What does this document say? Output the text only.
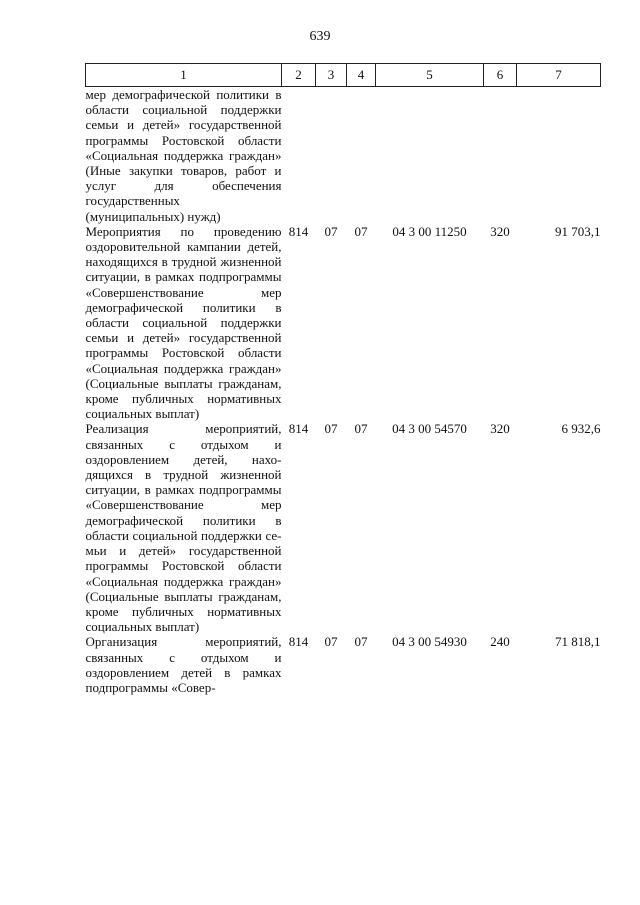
639
1	2	3	4	5	6	7
мер демографической политики в области социальной поддержки семьи и детей» государственной программы Ростовской области «Социальная поддержка граждан» (Иные закупки товаров, работ и услуг для обеспечения государственных (муниципальных) нужд)						
Мероприятия по проведению оздоровительной кампании детей, находящихся в трудной жизненной ситуации, в рамках подпрограммы «Совершенствование мер демографической политики в области социальной поддержки семьи и детей» государственной программы Ростовской области «Социальная поддержка граждан» (Социальные выплаты гражданам, кроме публичных нормативных социальных выплат)	814	07	07	04 3 00 11250	320	91 703,1
Реализация мероприятий, связанных с отдыхом и оздоровлением детей, находящихся в трудной жизненной ситуации, в рамках подпрограммы «Совершенствование мер демографической политики в области социальной поддержки семьи и детей» государственной программы Ростовской области «Социальная поддержка граждан» (Социальные выплаты гражданам, кроме публичных нормативных социальных выплат)	814	07	07	04 3 00 54570	320	6 932,6
Организация мероприятий, связанных с отдыхом и оздоровлением детей в рамках подпрограммы «Совер-	814	07	07	04 3 00 54930	240	71 818,1
